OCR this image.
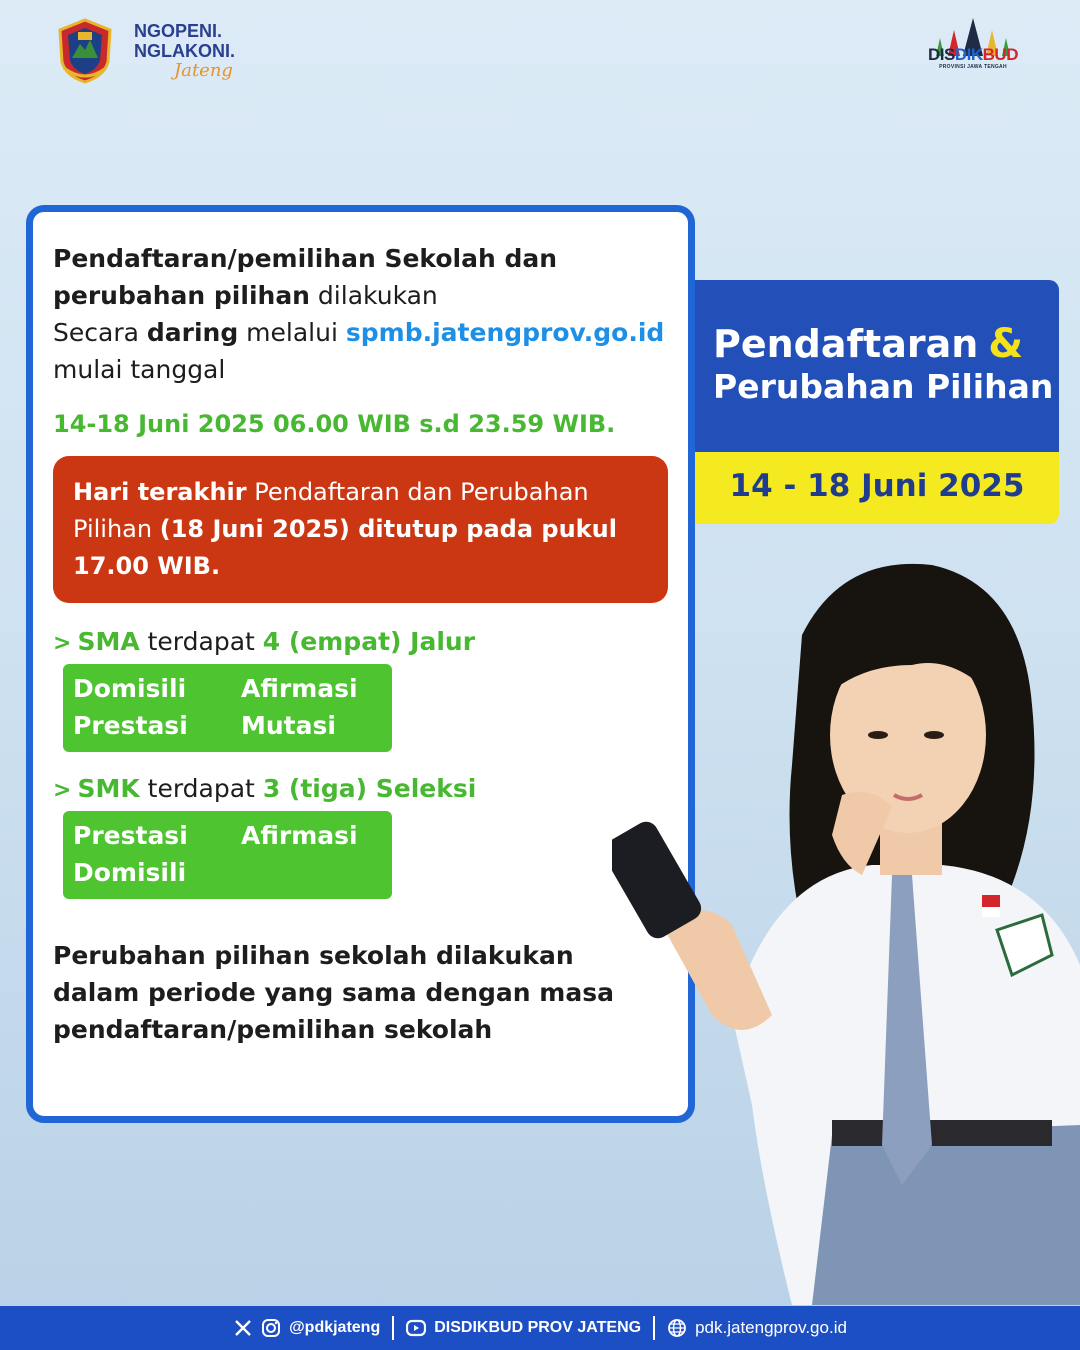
NGOPENI.
NGLAKONI.
Jateng
DISDIKBUD
PROVINSI JAWA TENGAH

Pendaftaran/pemilihan Sekolah dan perubahan pilihan dilakukan
Secara daring melalui spmb.jatengprov.go.id
mulai tanggal

14-18 Juni 2025 06.00 WIB s.d 23.59 WIB.
Hari terakhir Pendaftaran dan Perubahan Pilihan (18 Juni 2025) ditutup pada pukul 17.00 WIB.
> SMA terdapat 4 (empat) Jalur
Domisili	Afirmasi
Prestasi	Mutasi
> SMK terdapat 3 (tiga) Seleksi
Prestasi	Afirmasi
Domisili

Perubahan pilihan sekolah dilakukan dalam periode yang sama dengan masa pendaftaran/pemilihan sekolah

Pendaftaran &
Perubahan Pilihan
14 - 18 Juni 2025
@pdkjateng	DISDIKBUD PROV JATENG	pdk.jatengprov.go.id
